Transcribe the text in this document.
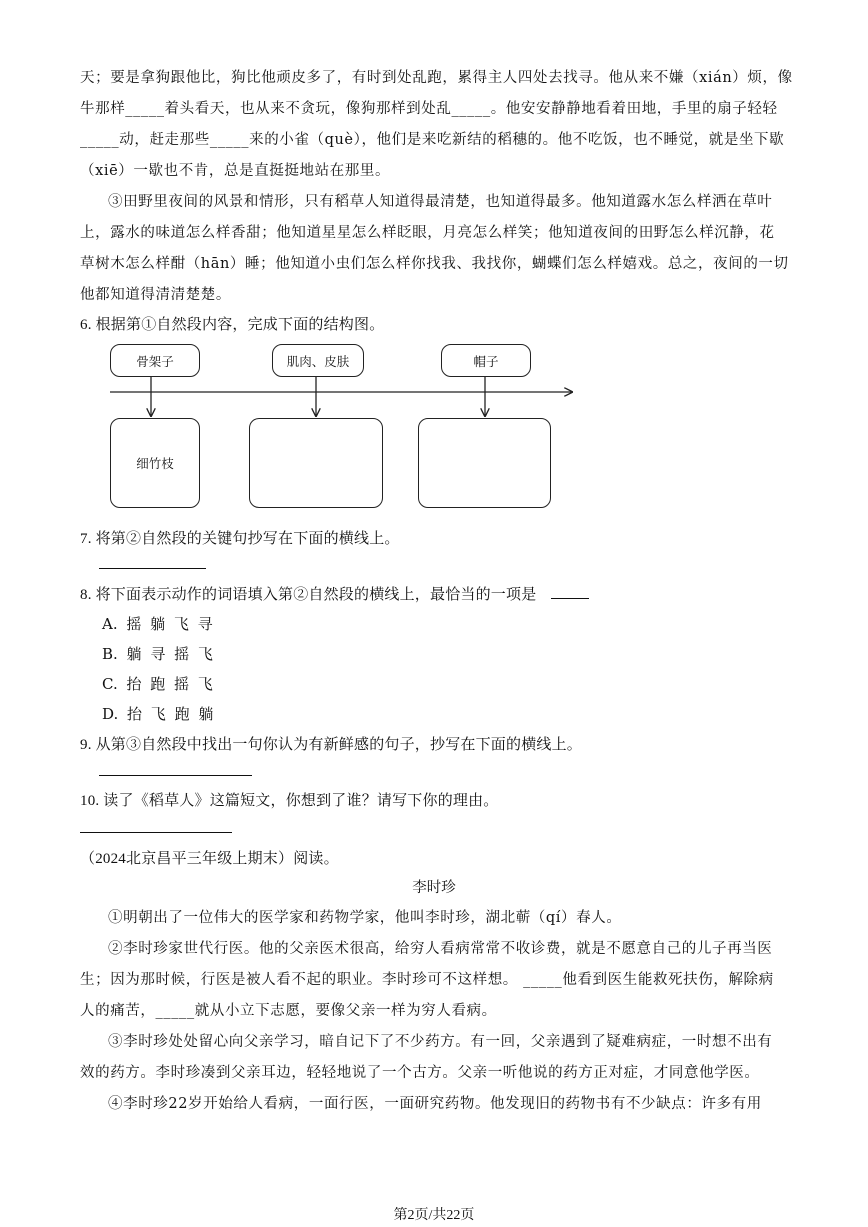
天；要是拿狗跟他比，狗比他顽皮多了，有时到处乱跑，累得主人四处去找寻。他从来不嫌（xián）烦，像
牛那样_____着头看天，也从来不贪玩，像狗那样到处乱_____。他安安静静地看着田地，手里的扇子轻轻
_____动，赶走那些_____来的小雀（què），他们是来吃新结的稻穗的。他不吃饭，也不睡觉，就是坐下歇
（xiē）一歇也不肯，总是直挺挺地站在那里。
③田野里夜间的风景和情形，只有稻草人知道得最清楚，也知道得最多。他知道露水怎么样洒在草叶
上，露水的味道怎么样香甜；他知道星星怎么样眨眼，月亮怎么样笑；他知道夜间的田野怎么样沉静，花
草树木怎么样酣（hān）睡；他知道小虫们怎么样你找我、我找你，蝴蝶们怎么样嬉戏。总之，夜间的一切
他都知道得清清楚楚。
6. 根据第①自然段内容，完成下面的结构图。
骨架子	肌肉、皮肤	帽子
细竹枝
7. 将第②自然段的关键句抄写在下面的横线上。
8. 将下面表示动作的词语填入第②自然段的横线上，最恰当的一项是
A. 摇 躺 飞 寻
B. 躺 寻 摇 飞
C. 抬 跑 摇 飞
D. 抬 飞 跑 躺
9. 从第③自然段中找出一句你认为有新鲜感的句子，抄写在下面的横线上。
10. 读了《稻草人》这篇短文，你想到了谁？请写下你的理由。
（2024北京昌平三年级上期末）阅读。
李时珍
①明朝出了一位伟大的医学家和药物学家，他叫李时珍，湖北蕲（qí）春人。
②李时珍家世代行医。他的父亲医术很高，给穷人看病常常不收诊费，就是不愿意自己的儿子再当医
生；因为那时候，行医是被人看不起的职业。李时珍可不这样想。 _____他看到医生能救死扶伤，解除病
人的痛苦，_____就从小立下志愿，要像父亲一样为穷人看病。
③李时珍处处留心向父亲学习，暗自记下了不少药方。有一回，父亲遇到了疑难病症，一时想不出有
效的药方。李时珍凑到父亲耳边，轻轻地说了一个古方。父亲一听他说的药方正对症，才同意他学医。
④李时珍22岁开始给人看病，一面行医，一面研究药物。他发现旧的药物书有不少缺点：许多有用
第2页/共22页
